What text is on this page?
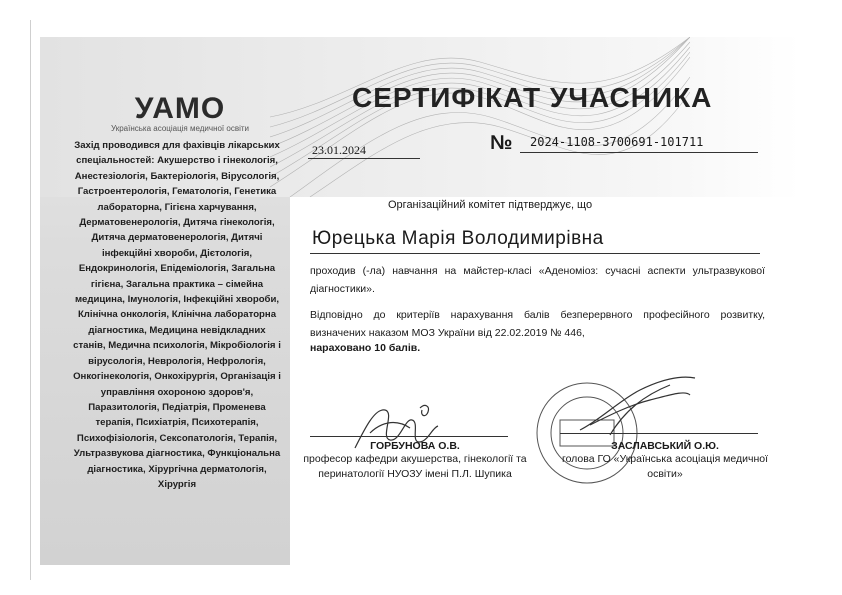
УАМО
Українська асоціація медичної освіти
СЕРТИФІКАТ УЧАСНИКА
23.01.2024	№ 2024-1108-3700691-101711
Захід проводився для фахівців лікарських спеціальностей: Акушерство і гінекологія, Анестезіологія, Бактеріологія, Вірусологія, Гастроентерологія, Гематологія, Генетика лабораторна, Гігієна харчування, Дерматовенерологія, Дитяча гінекологія, Дитяча дерматовенерологія, Дитячі інфекційні хвороби, Дієтологія, Ендокринологія, Епідеміологія, Загальна гігієна, Загальна практика – сімейна медицина, Імунологія, Інфекційні хвороби, Клінічна онкологія, Клінічна лабораторна діагностика, Медицина невідкладних станів, Медична психологія, Мікробіологія і вірусологія, Неврологія, Нефрологія, Онкогінекологія, Онкохірургія, Організація і управління охороною здоров'я, Паразитологія, Педіатрія, Променева терапія, Психіатрія, Психотерапія, Психофізіологія, Сексопатологія, Терапія, Ультразвукова діагностика, Функціональна діагностика, Хірургічна дерматологія, Хірургія
Організаційний комітет підтверджує, що
Юрецька Марія Володимирівна
проходив (-ла) навчання на майстер-класі «Аденоміоз: сучасні аспекти ультразвукової діагностики».
Відповідно до критеріїв нарахування балів безперервного професійного розвитку, визначених наказом МОЗ України від 22.02.2019 № 446,
нараховано 10 балів.
ГОРБУНОВА О.В.
професор кафедри акушерства, гінекології та перинатології НУОЗУ імені П.Л. Шупика
ЗАСЛАВСЬКИЙ О.Ю.
голова ГО «Українська асоціація медичної освіти»
